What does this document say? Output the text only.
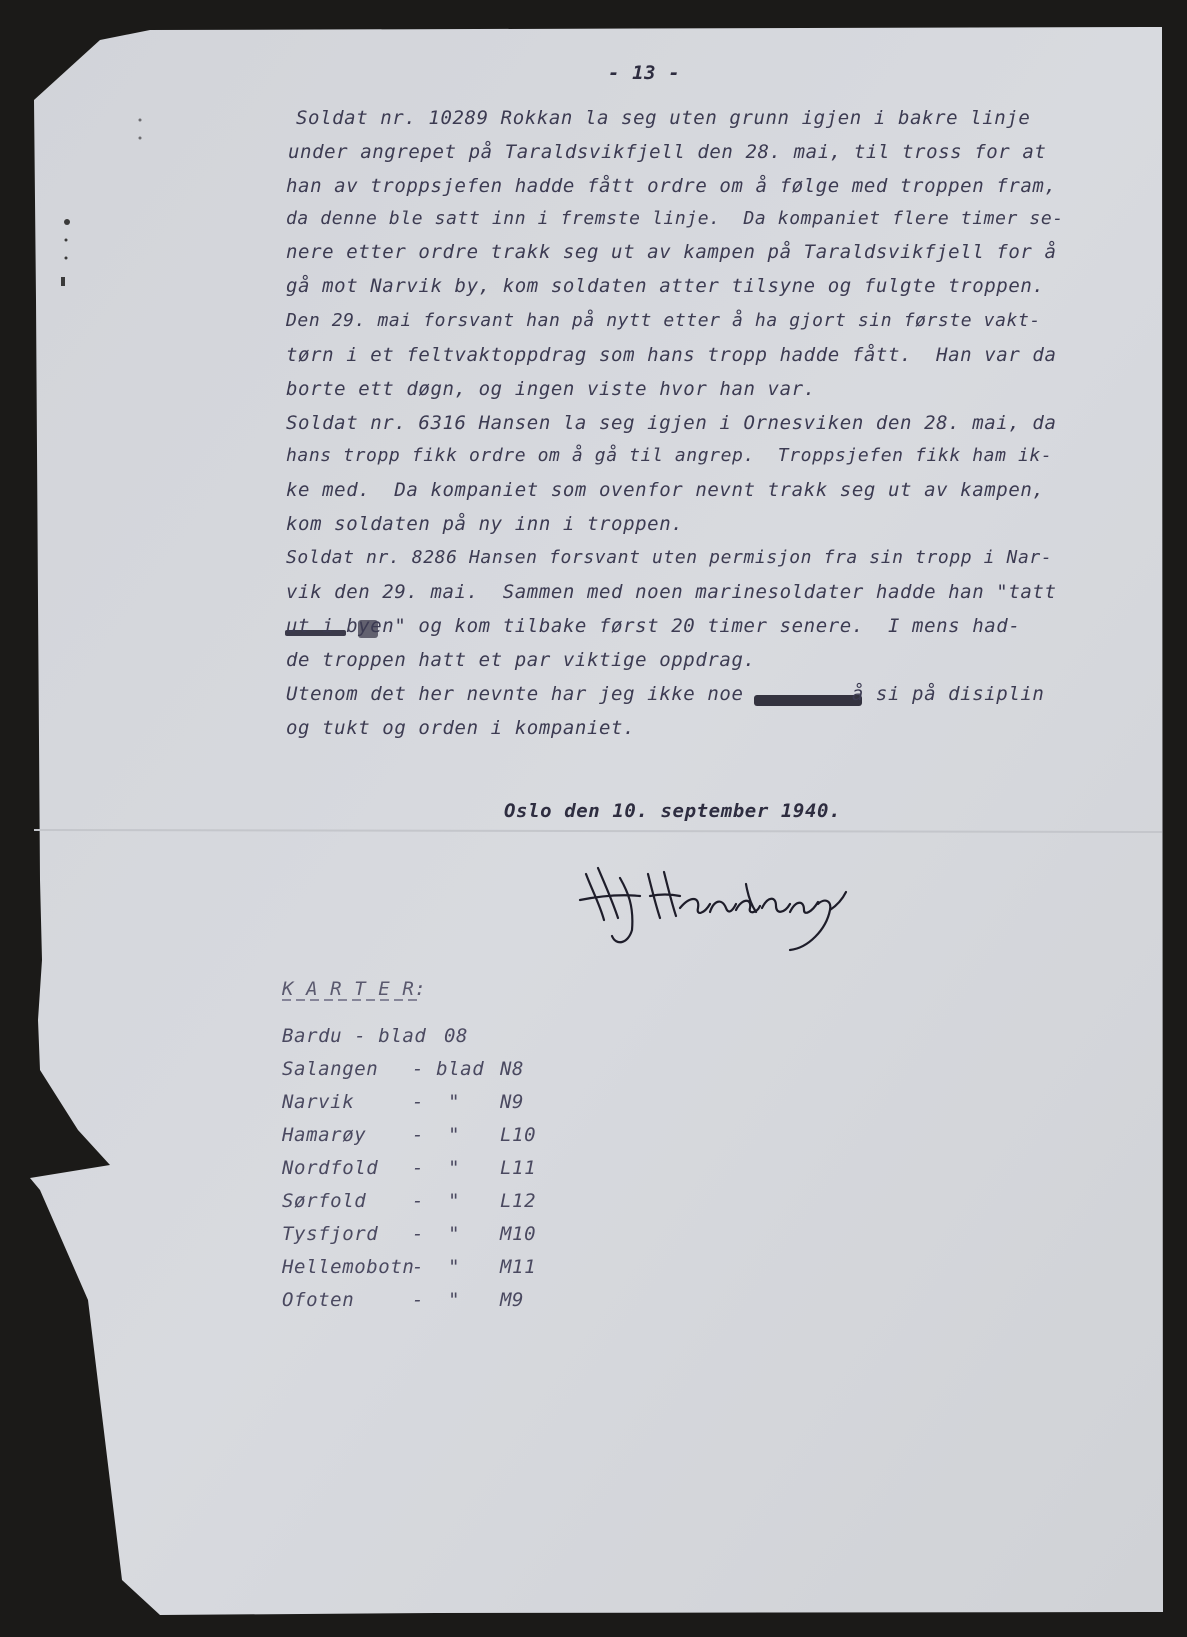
- 13 -
Soldat nr. 10289 Rokkan la seg uten grunn igjen i bakre linje
under angrepet på Taraldsvikfjell den 28. mai, til tross for at
han av troppsjefen hadde fått ordre om å følge med troppen fram,
da denne ble satt inn i fremste linje.  Da kompaniet flere timer se-
nere etter ordre trakk seg ut av kampen på Taraldsvikfjell for å
gå mot Narvik by, kom soldaten atter tilsyne og fulgte troppen.
Den 29. mai forsvant han på nytt etter å ha gjort sin første vakt-
tørn i et feltvaktoppdrag som hans tropp hadde fått.  Han var da
borte ett døgn, og ingen viste hvor han var.
Soldat nr. 6316 Hansen la seg igjen i Ornesviken den 28. mai, da
hans tropp fikk ordre om å gå til angrep.  Troppsjefen fikk ham ik-
ke med.  Da kompaniet som ovenfor nevnt trakk seg ut av kampen,
kom soldaten på ny inn i troppen.
Soldat nr. 8286 Hansen forsvant uten permisjon fra sin tropp i Nar-
vik den 29. mai.  Sammen med noen marinesoldater hadde han "tatt
ut i byen" og kom tilbake først 20 timer senere.  I mens had-
de troppen hatt et par viktige oppdrag.
Utenom det her nevnte har jeg ikke noe         å si på disiplin
og tukt og orden i kompaniet.
Oslo den 10. september 1940.
K A R T E R:
Bardu - blad 08
Salangen - blad N8
Narvik	-  " N9
Hamarøy -  " L10
Nordfold -  " L11
Sørfold -  " L12
Tysfjord -  " M10
Hellemobotn
-  " M11
Ofoten	-  " M9
